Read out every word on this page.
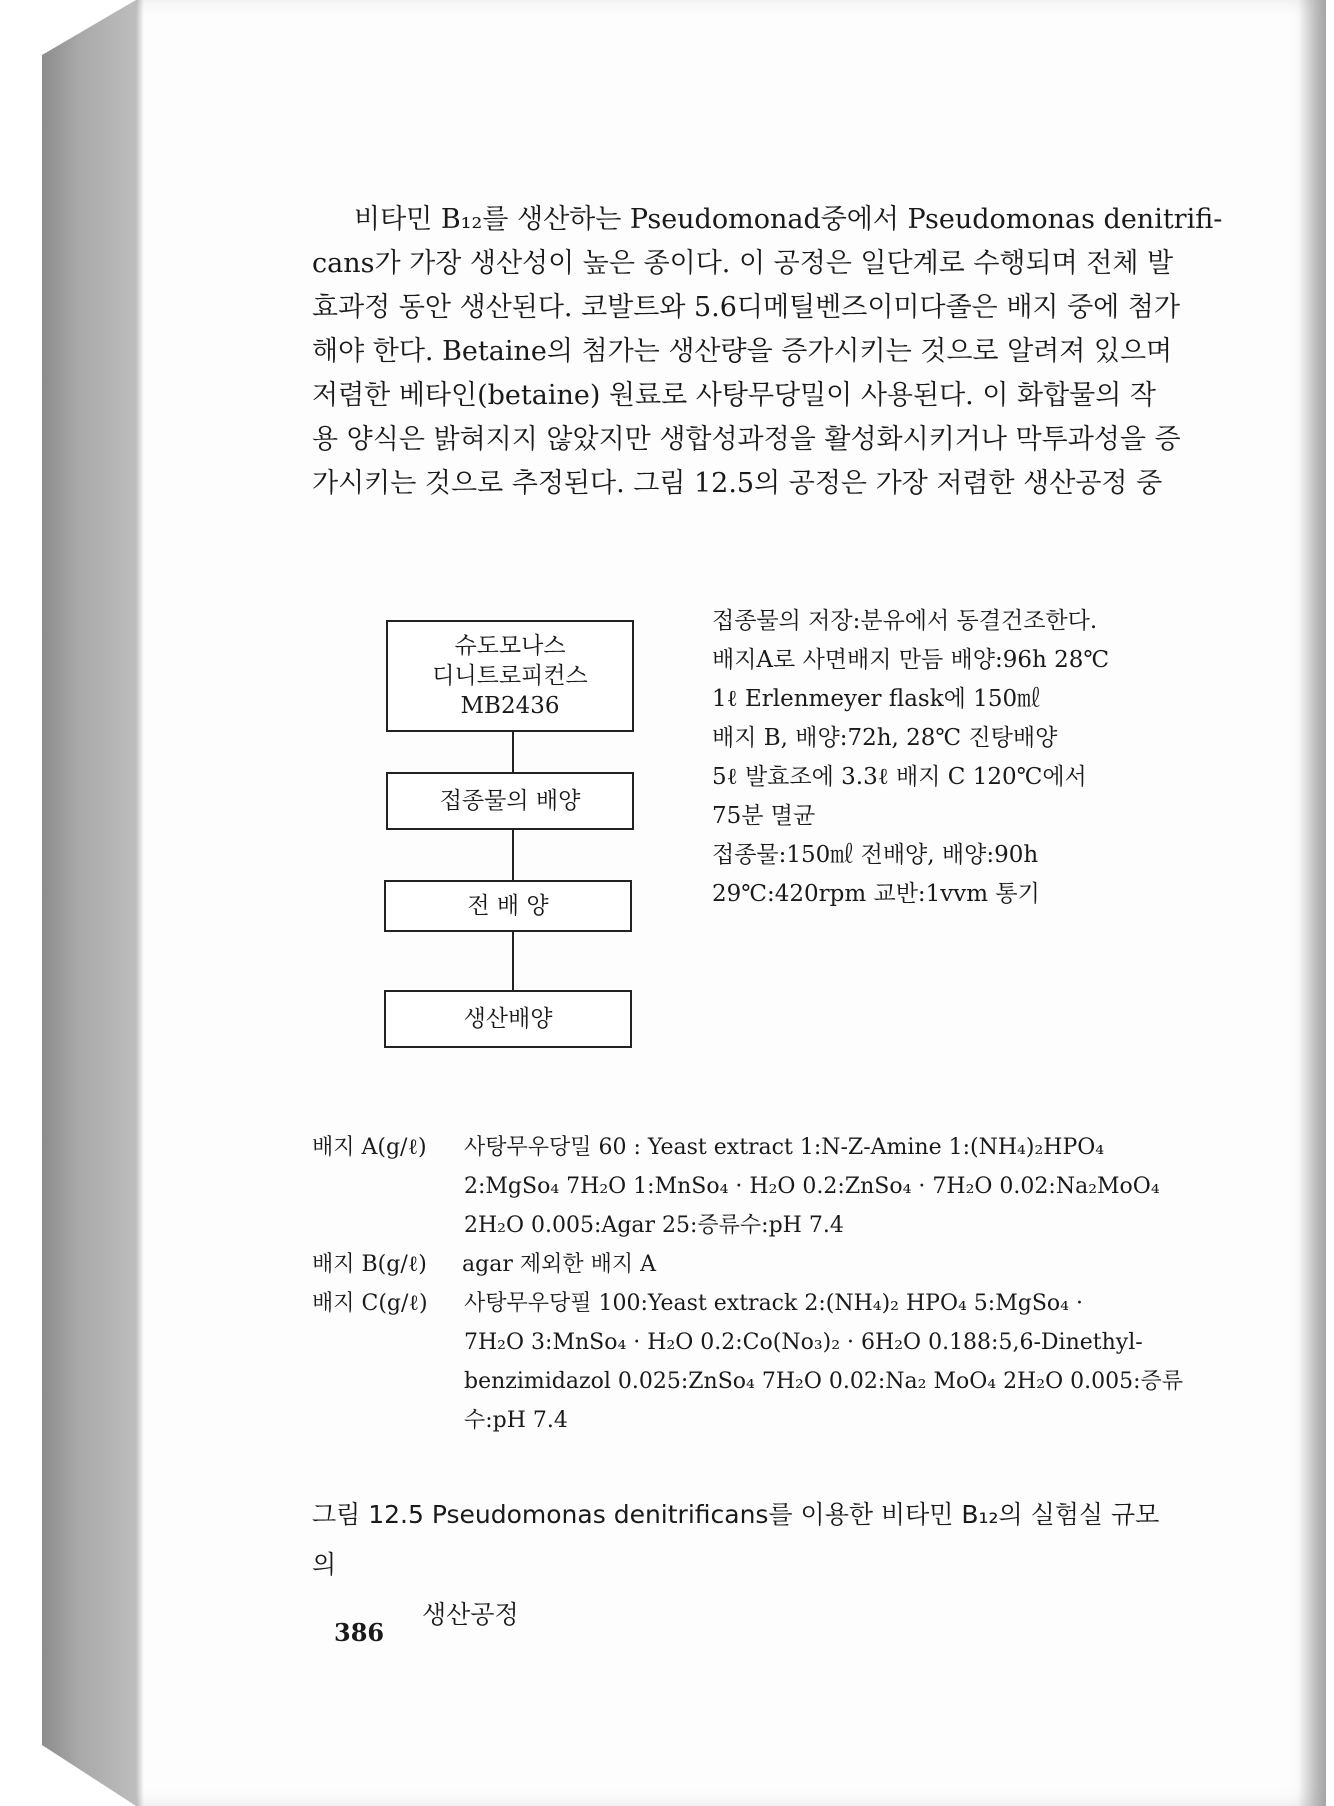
비타민 B₁₂를 생산하는 Pseudomonad중에서 Pseudomonas denitrifi-
cans가 가장 생산성이 높은 종이다. 이 공정은 일단계로 수행되며 전체 발
효과정 동안 생산된다. 코발트와 5.6디메틸벤즈이미다졸은 배지 중에 첨가
해야 한다. Betaine의 첨가는 생산량을 증가시키는 것으로 알려져 있으며
저렴한 베타인(betaine) 원료로 사탕무당밀이 사용된다. 이 화합물의 작
용 양식은 밝혀지지 않았지만 생합성과정을 활성화시키거나 막투과성을 증
가시키는 것으로 추정된다. 그림 12.5의 공정은 가장 저렴한 생산공정 중
슈도모나스
디니트로피컨스
MB2436
접종물의 배양
전 배 양
생산배양
접종물의 저장:분유에서 동결건조한다.
배지A로 사면배지 만듬 배양:96h 28℃
1ℓ Erlenmeyer flask에 150㎖
배지 B, 배양:72h, 28℃ 진탕배양
5ℓ 발효조에 3.3ℓ 배지 C 120℃에서
75분 멸균
접종물:150㎖ 전배양, 배양:90h
29℃:420rpm 교반:1vvm 통기
배지 A(g/ℓ)	사탕무우당밀 60 : Yeast extract 1:N-Z-Amine 1:(NH₄)₂HPO₄
2:MgSo₄ 7H₂O 1:MnSo₄ · H₂O 0.2:ZnSo₄ · 7H₂O 0.02:Na₂MoO₄
2H₂O 0.005:Agar 25:증류수:pH 7.4
배지 B(g/ℓ)	agar 제외한 배지 A
배지 C(g/ℓ)	사탕무우당필 100:Yeast extrack 2:(NH₄)₂ HPO₄ 5:MgSo₄ ·
7H₂O 3:MnSo₄ · H₂O 0.2:Co(No₃)₂ · 6H₂O 0.188:5,6-Dinethyl-
benzimidazol 0.025:ZnSo₄ 7H₂O 0.02:Na₂ MoO₄ 2H₂O 0.005:증류
수:pH 7.4
그림 12.5 Pseudomonas denitrificans를 이용한 비타민 B₁₂의 실험실 규모의
생산공정
386
